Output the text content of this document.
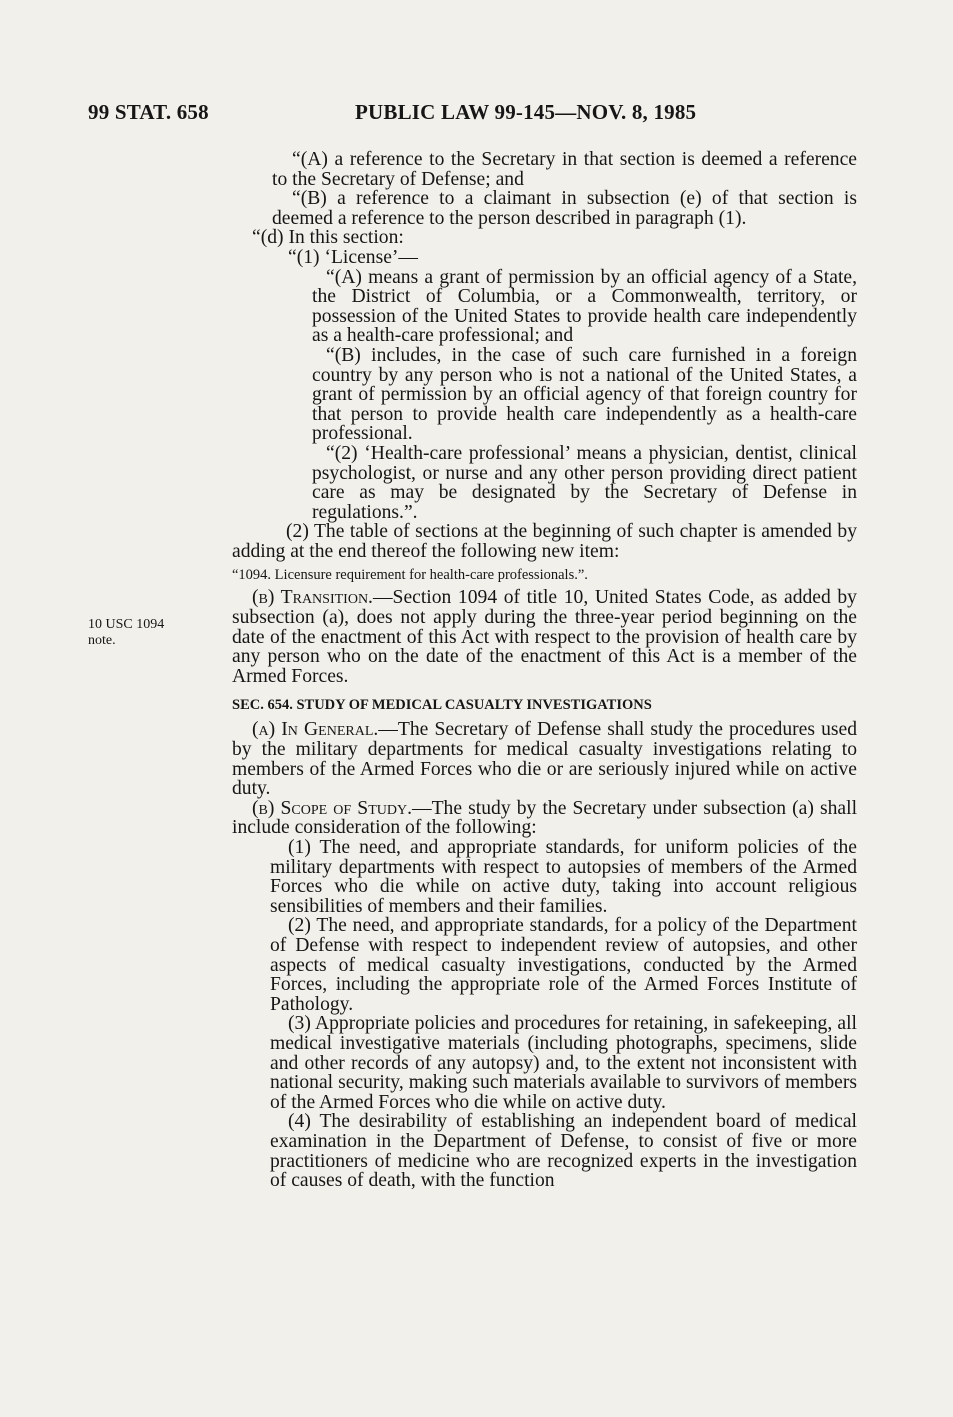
99 STAT. 658	PUBLIC LAW 99-145—NOV. 8, 1985
10 USC 1094
note.

“(A) a reference to the Secretary in that section is deemed a reference to the Secretary of Defense; and

“(B) a reference to a claimant in subsection (e) of that section is deemed a reference to the person described in paragraph (1).

“(d) In this section:

“(1) ‘License’—

“(A) means a grant of permission by an official agency of a State, the District of Columbia, or a Commonwealth, territory, or possession of the United States to provide health care independently as a health-care professional; and

“(B) includes, in the case of such care furnished in a foreign country by any person who is not a national of the United States, a grant of permission by an official agency of that foreign country for that person to provide health care independently as a health-care professional.

“(2) ‘Health-care professional’ means a physician, dentist, clinical psychologist, or nurse and any other person providing direct patient care as may be designated by the Secretary of Defense in regulations.”.

(2) The table of sections at the beginning of such chapter is amended by adding at the end thereof the following new item:

“1094. Licensure requirement for health-care professionals.”.

(b) Transition.—Section 1094 of title 10, United States Code, as added by subsection (a), does not apply during the three-year period beginning on the date of the enactment of this Act with respect to the provision of health care by any person who on the date of the enactment of this Act is a member of the Armed Forces.

SEC. 654. STUDY OF MEDICAL CASUALTY INVESTIGATIONS

(a) In General.—The Secretary of Defense shall study the procedures used by the military departments for medical casualty investigations relating to members of the Armed Forces who die or are seriously injured while on active duty.

(b) Scope of Study.—The study by the Secretary under subsection (a) shall include consideration of the following:

(1) The need, and appropriate standards, for uniform policies of the military departments with respect to autopsies of members of the Armed Forces who die while on active duty, taking into account religious sensibilities of members and their families.

(2) The need, and appropriate standards, for a policy of the Department of Defense with respect to independent review of autopsies, and other aspects of medical casualty investigations, conducted by the Armed Forces, including the appropriate role of the Armed Forces Institute of Pathology.

(3) Appropriate policies and procedures for retaining, in safekeeping, all medical investigative materials (including photographs, specimens, slide and other records of any autopsy) and, to the extent not inconsistent with national security, making such materials available to survivors of members of the Armed Forces who die while on active duty.

(4) The desirability of establishing an independent board of medical examination in the Department of Defense, to consist of five or more practitioners of medicine who are recognized experts in the investigation of causes of death, with the function
